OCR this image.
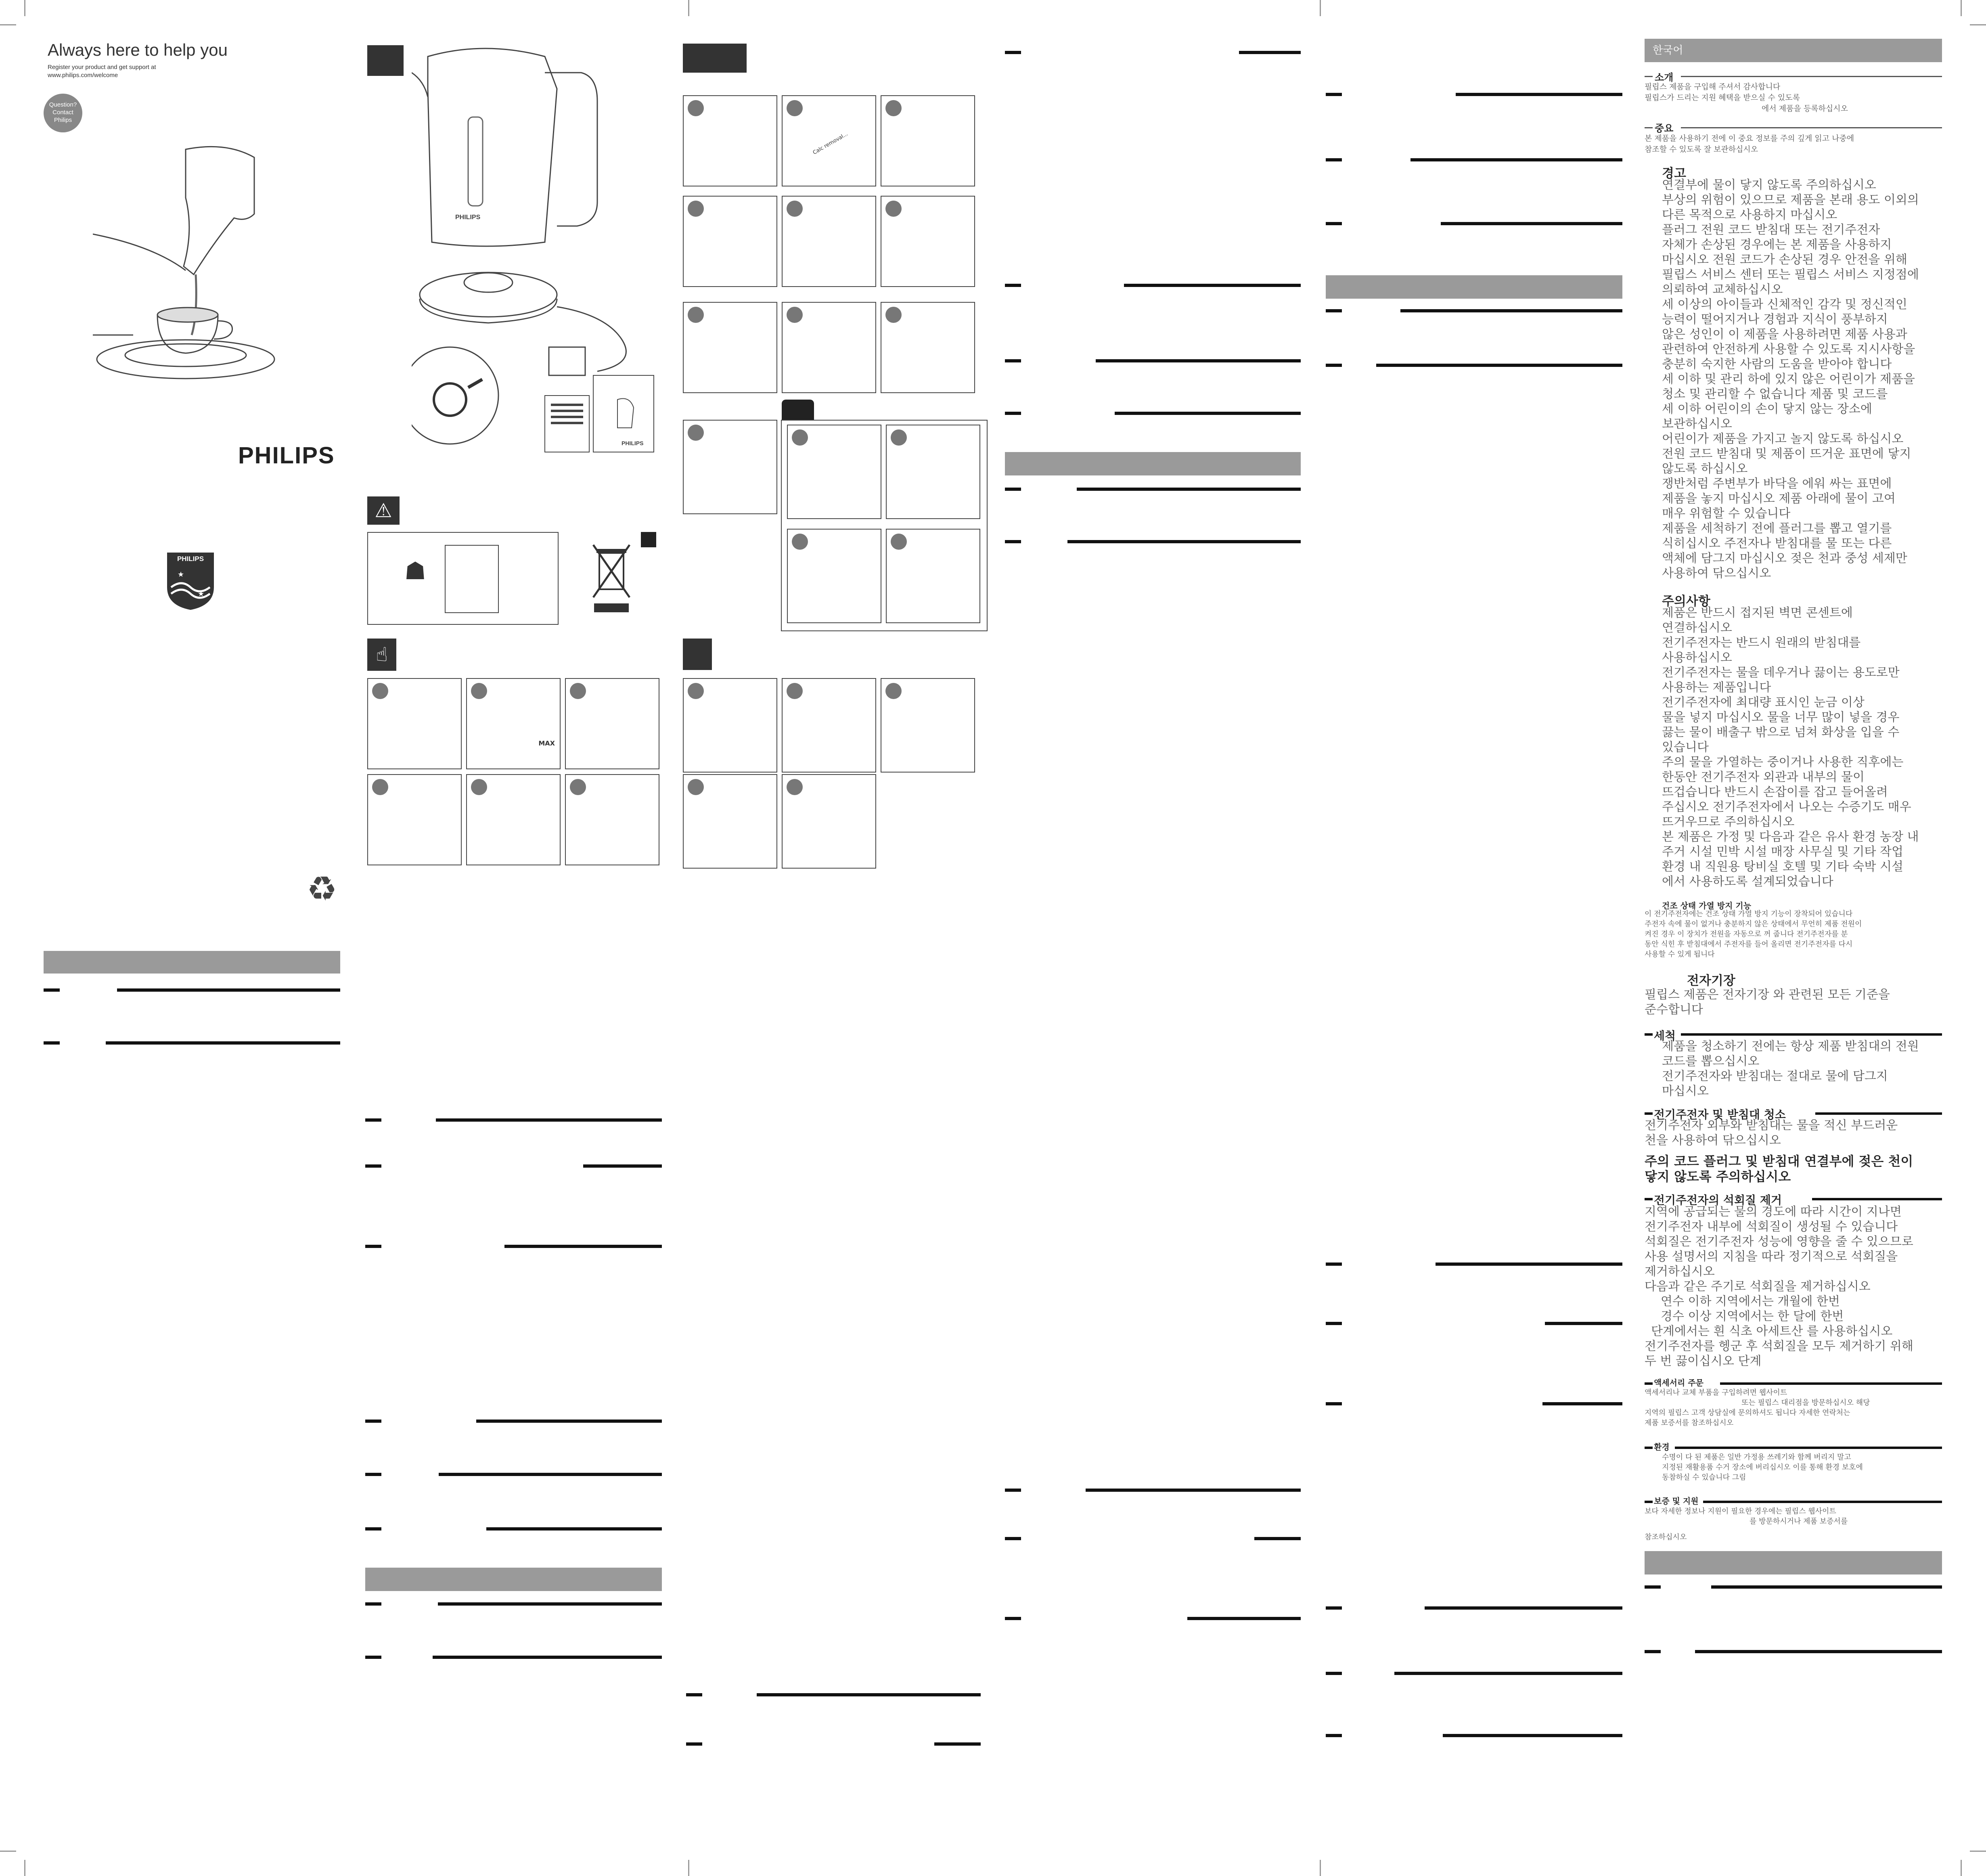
Always here to help you
Register your product and get support at
www.philips.com/welcome
Question?
Contact
Philips
PHILIPS
★
★
PHILIPS
♻
PHILIPS
PHILIPS
⚠
☗
☝
MAX
Calc removal...
한국어
소개
필립스 제품을 구입해 주셔서 감사합니다
필립스가 드리는 지원 혜택을 받으실 수 있도록
에서 제품을 등록하십시오
중요
본 제품을 사용하기 전에 이 중요 정보를 주의 깊게 읽고 나중에
참조할 수 있도록 잘 보관하십시오
경고
연결부에 물이 닿지 않도록 주의하십시오
부상의 위험이 있으므로 제품을 본래 용도 이외의
다른 목적으로 사용하지 마십시오
플러그 전원 코드 받침대 또는 전기주전자
자체가 손상된 경우에는 본 제품을 사용하지
마십시오 전원 코드가 손상된 경우 안전을 위해
필립스 서비스 센터 또는 필립스 서비스 지정점에
의뢰하여 교체하십시오
세 이상의 아이들과 신체적인 감각 및 정신적인
능력이 떨어지거나 경험과 지식이 풍부하지
않은 성인이 이 제품을 사용하려면 제품 사용과
관련하여 안전하게 사용할 수 있도록 지시사항을
충분히 숙지한 사람의 도움을 받아야 합니다
세 이하 및 관리 하에 있지 않은 어린이가 제품을
청소 및 관리할 수 없습니다 제품 및 코드를
세 이하 어린이의 손이 닿지 않는 장소에
보관하십시오
어린이가 제품을 가지고 놀지 않도록 하십시오
전원 코드 받침대 및 제품이 뜨거운 표면에 닿지
않도록 하십시오
쟁반처럼 주변부가 바닥을 에워 싸는 표면에
제품을 놓지 마십시오 제품 아래에 물이 고여
매우 위험할 수 있습니다
제품을 세척하기 전에 플러그를 뽑고 열기를
식히십시오 주전자나 받침대를 물 또는 다른
액체에 담그지 마십시오 젖은 천과 중성 세제만
사용하여 닦으십시오
주의사항
제품은 반드시 접지된 벽면 콘센트에
연결하십시오
전기주전자는 반드시 원래의 받침대를
사용하십시오
전기주전자는 물을 데우거나 끓이는 용도로만
사용하는 제품입니다
전기주전자에 최대량 표시인 눈금 이상
물을 넣지 마십시오 물을 너무 많이 넣을 경우
끓는 물이 배출구 밖으로 넘쳐 화상을 입을 수
있습니다
주의 물을 가열하는 중이거나 사용한 직후에는
한동안 전기주전자 외관과 내부의 물이
뜨겁습니다 반드시 손잡이를 잡고 들어올려
주십시오 전기주전자에서 나오는 수증기도 매우
뜨거우므로 주의하십시오
본 제품은 가정 및 다음과 같은 유사 환경 농장 내
주거 시설 민박 시설 매장 사무실 및 기타 작업
환경 내 직원용 탕비실 호텔 및 기타 숙박 시설
에서 사용하도록 설계되었습니다
건조 상태 가열 방지 기능
이 전기주전자에는 건조 상태 가열 방지 기능이 장착되어 있습니다
주전자 속에 물이 없거나 충분하지 않은 상태에서 무언히 제품 전원이
켜진 경우 이 장치가 전원을 자동으로 꺼 줍니다 전기주전자를 분
동안 식힌 후 받침대에서 주전자를 들어 올리면 전기주전자를 다시
사용할 수 있게 됩니다
전자기장
필립스 제품은 전자기장 와 관련된 모든 기준을
준수합니다
세척
제품을 청소하기 전에는 항상 제품 받침대의 전원
코드를 뽑으십시오
전기주전자와 받침대는 절대로 물에 담그지
마십시오
전기주전자 및 받침대 청소
전기주전자 외부와 받침대는 물을 적신 부드러운
천을 사용하여 닦으십시오
주의 코드 플러그 및 받침대 연결부에 젖은 천이
닿지 않도록 주의하십시오
전기주전자의 석회질 제거
지역에 공급되는 물의 경도에 따라 시간이 지나면
전기주전자 내부에 석회질이 생성될 수 있습니다
석회질은 전기주전자 성능에 영향을 줄 수 있으므로
사용 설명서의 지침을 따라 정기적으로 석회질을
제거하십시오
다음과 같은 주기로 석회질을 제거하십시오
연수 이하 지역에서는 개월에 한번
경수 이상 지역에서는 한 달에 한번
단계에서는 흰 식초 아세트산 를 사용하십시오
전기주전자를 헹군 후 석회질을 모두 제거하기 위해
두 번 끓이십시오 단계
액세서리 주문
액세서리나 교체 부품을 구입하려면 웹사이트
또는 필립스 대리점을 방문하십시오 해당
지역의 필립스 고객 상담실에 문의하셔도 됩니다 자세한 연락처는
제품 보증서를 참조하십시오
환경
수명이 다 된 제품은 일반 가정용 쓰레기와 함께 버리지 말고
지정된 재활용품 수거 장소에 버리십시오 이를 통해 환경 보호에
동참하실 수 있습니다 그림
보증 및 지원
보다 자세한 정보나 지원이 필요한 경우에는 필립스 웹사이트
를 방문하시거나 제품 보증서를
참조하십시오
